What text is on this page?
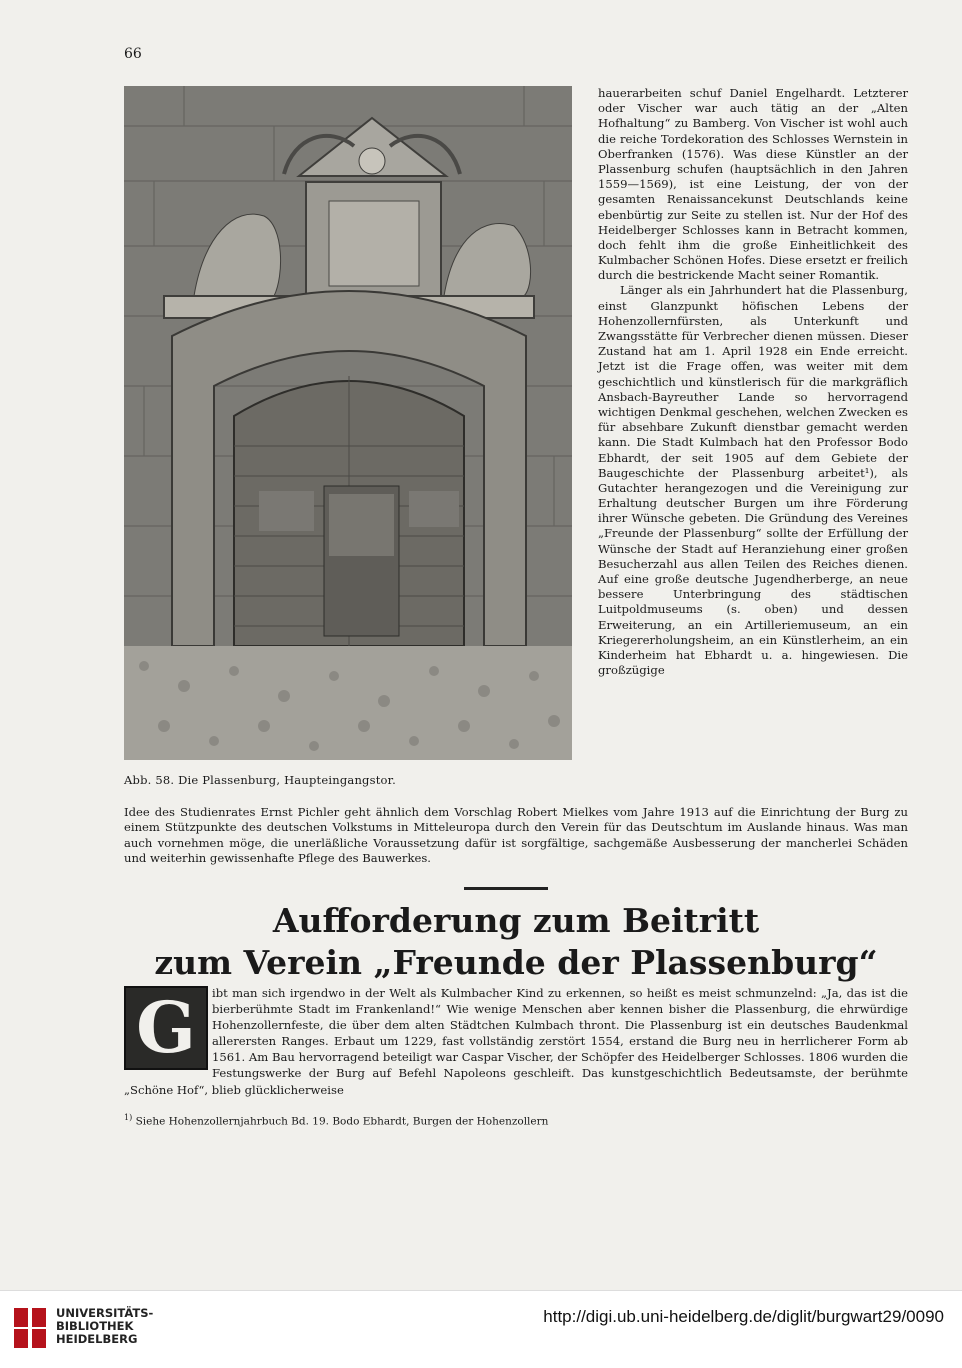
66
Abb. 58. Die Plassenburg, Haupteingangstor.

hauerarbeiten schuf Daniel Engelhardt. Letzterer oder Vischer war auch tätig an der „Alten Hofhaltung“ zu Bamberg. Von Vischer ist wohl auch die reiche Tordekoration des Schlosses Wernstein in Oberfranken (1576). Was diese Künstler an der Plassenburg schufen (hauptsächlich in den Jahren 1559—1569), ist eine Leistung, der von der gesamten Renaissancekunst Deutschlands keine ebenbürtig zur Seite zu stellen ist. Nur der Hof des Heidelberger Schlosses kann in Betracht kommen, doch fehlt ihm die große Einheitlichkeit des Kulmbacher Schönen Hofes. Diese ersetzt er freilich durch die bestrickende Macht seiner Romantik.

Länger als ein Jahrhundert hat die Plassenburg, einst Glanzpunkt höfischen Lebens der Hohenzollernfürsten, als Unterkunft und Zwangsstätte für Verbrecher dienen müssen. Dieser Zustand hat am 1. April 1928 ein Ende erreicht. Jetzt ist die Frage offen, was weiter mit dem geschichtlich und künstlerisch für die markgräflich Ansbach-Bayreuther Lande so hervorragend wichtigen Denkmal geschehen, welchen Zwecken es für absehbare Zukunft dienstbar gemacht werden kann. Die Stadt Kulmbach hat den Professor Bodo Ebhardt, der seit 1905 auf dem Gebiete der Baugeschichte der Plassenburg arbeitet¹), als Gutachter herangezogen und die Vereinigung zur Erhaltung deutscher Burgen um ihre Förderung ihrer Wünsche gebeten. Die Gründung des Vereines „Freunde der Plassenburg“ sollte der Erfüllung der Wünsche der Stadt auf Heranziehung einer großen Besucherzahl aus allen Teilen des Reiches dienen. Auf eine große deutsche Jugendherberge, an neue bessere Unterbringung des städtischen Luitpoldmuseums (s. oben) und dessen Erweiterung, an ein Artilleriemuseum, an ein Kriegererholungsheim, an ein Künstlerheim, an ein Kinderheim hat Ebhardt u. a. hingewiesen. Die großzügige

Idee des Studienrates Ernst Pichler geht ähnlich dem Vorschlag Robert Mielkes vom Jahre 1913 auf die Einrichtung der Burg zu einem Stützpunkte des deutschen Volkstums in Mitteleuropa durch den Verein für das Deutschtum im Auslande hinaus. Was man auch vornehmen möge, die unerläßliche Voraussetzung dafür ist sorgfältige, sachgemäße Ausbesserung der mancherlei Schäden und weiterhin gewissenhafte Pflege des Bauwerkes.
Aufforderung zum Beitritt
zum Verein „Freunde der Plassenburg“
ibt man sich irgendwo in der Welt als Kulmbacher Kind zu erkennen, so heißt es meist schmunzelnd: „Ja, das ist die bierberühmte Stadt im Frankenland!“ Wie wenige Menschen aber kennen bisher die Plassenburg, die ehrwürdige Hohenzollernfeste, die über dem alten Städtchen Kulmbach thront. Die Plassenburg ist ein deutsches Baudenkmal allerersten Ranges. Erbaut um 1229, fast vollständig zerstört 1554, erstand die Burg neu in herrlicherer Form ab 1561. Am Bau hervorragend beteiligt war Caspar Vischer, der Schöpfer des Heidelberger Schlosses. 1806 wurden die Festungswerke der Burg auf Befehl Napoleons geschleift. Das kunstgeschichtlich Bedeutsamste, der berühmte „Schöne Hof“, blieb glücklicherweise
G
$^{1)}$ Siehe Hohenzollernjahrbuch Bd. 19. Bodo Ebhardt, Burgen der Hohenzollern
UNIVERSITÄTS-
BIBLIOTHEK
HEIDELBERG
http://digi.ub.uni-heidelberg.de/diglit/burgwart29/0090
